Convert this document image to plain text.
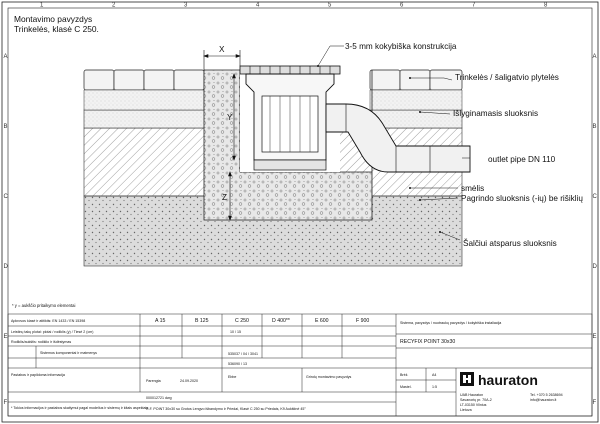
1	2	3	4	5	6	7	8
A
B
C
D
E
F
A
B
C
D
E
F
Montavimo pavyzdys
Trinkelės, klasė C 250.
X
Y
Z
3-5 mm kokybiška konstrukcija
Trinkelės / šaligatvio plytelės
Išlyginamasis sluoksnis
outlet pipe DN 110
smėlis
Pagrindo sluoksnis (-ių) be rišiklių
Šalčiui atsparus sluoksnis
* y = aukščio pritaikymo elementai
Apkrovos klasė ir atitiktis: EN 1433 / EN 15398
Leistinų takų plotai: plotai / rodiklis (y) / Tiesė 2 (cm)
Rodiklis/aukštis: rodiklio ir išdėstymas
Sistemos komponentai ir matmenys
Pastabos ir papildoma informacija
A 15	B 125	C 250	D 400**	E 600	F 900
10 / 15
535037 / 04 / 3041
536090 / 13
Parengta	24.09.2020
Ebbe	Grindų montavimo pavyzdys
000012721 dwg
R.F. POINT 30x30 su Grotos Lengvo išbandymo ir Priedai, Klasė C 250 su Priedais, K9 Aukštinė 45°
* Tokios informacijos ir pastabos skaitymui pagal modelius ir sistemų ir kitais aspektais
Sistema, pavyzdys / nuotraukų pavyzdys / kokybiška instaliacija
RECYFIX POINT 30x30
Brėž.	A4
Mastel.	1:5	hauraton
UAB Hauraton
Savanorių pr. 70A-2
LT-03150 Vilnius
Lietuva
Tel. +370 5 2638694
info@hauraton.lt
